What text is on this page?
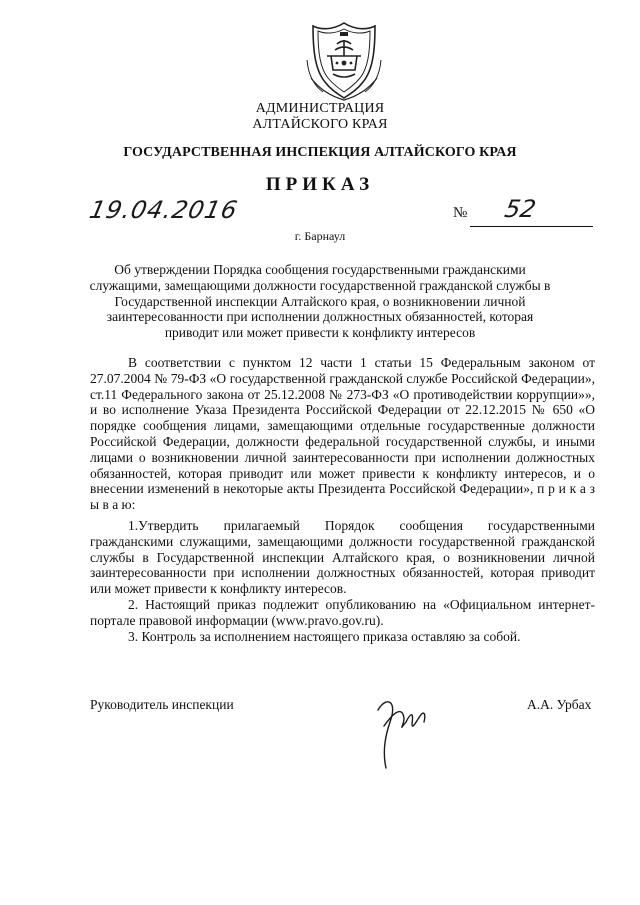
АДМИНИСТРАЦИЯ
АЛТАЙСКОГО КРАЯ
ГОСУДАРСТВЕННАЯ ИНСПЕКЦИЯ АЛТАЙСКОГО КРАЯ
ПРИКАЗ
19.04.2016	№ 52
г. Барнаул
Об утверждении Порядка сообщения государственными гражданскими
служащими, замещающими должности государственной гражданской службы в
Государственной инспекции Алтайского края, о возникновении личной
заинтересованности при исполнении должностных обязанностей, которая
приводит или может привести к конфликту интересов

В соответствии с пунктом 12 части 1 статьи 15 Федеральным законом от 27.07.2004 № 79-ФЗ «О государственной гражданской службе Российской Федерации», ст.11 Федерального закона от 25.12.2008 № 273-ФЗ «О противодействии коррупции»», и во исполнение Указа Президента Российской Федерации от 22.12.2015 № 650 «О порядке сообщения лицами, замещающими отдельные государственные должности Российской Федерации, должности федеральной государственной службы, и иными лицами о возникновении личной заинтересованности при исполнении должностных обязанностей, которая приводит или может привести к конфликту интересов, и о внесении изменений в некоторые акты Президента Российской Федерации», п р и к а з ы в а ю:

1.Утвердить прилагаемый Порядок сообщения государственными гражданскими служащими, замещающими должности государственной гражданской службы в Государственной инспекции Алтайского края, о возникновении личной заинтересованности при исполнении должностных обязанностей, которая приводит или может привести к конфликту интересов.

2. Настоящий приказ подлежит опубликованию на «Официальном интернет-портале правовой информации (www.pravo.gov.ru).

3. Контроль за исполнением настоящего приказа оставляю за собой.

Руководитель инспекции	А.А. Урбах
